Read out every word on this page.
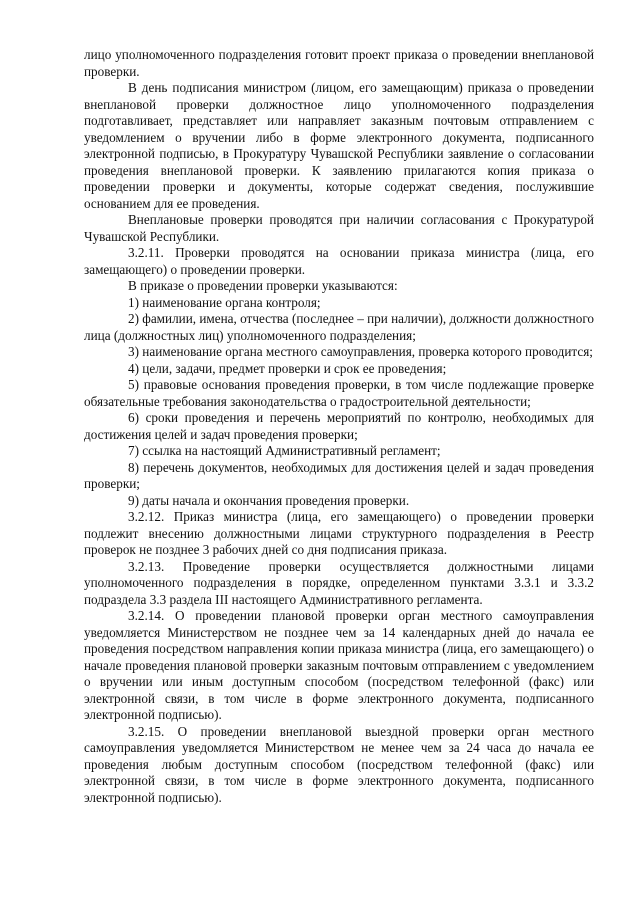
лицо уполномоченного подразделения готовит проект приказа о проведении внеплановой проверки.

В день подписания министром (лицом, его замещающим) приказа о проведении внеплановой проверки должностное лицо уполномоченного подразделения подготавливает, представляет или направляет заказным почтовым отправлением с уведомлением о вручении либо в форме электронного документа, подписанного электронной подписью, в Прокуратуру Чувашской Республики заявление о согласовании проведения внеплановой проверки. К заявлению прилагаются копия приказа о проведении проверки и документы, которые содержат сведения, послужившие основанием для ее проведения.

Внеплановые проверки проводятся при наличии согласования с Прокуратурой Чувашской Республики.

3.2.11. Проверки проводятся на основании приказа министра (лица, его замещающего) о проведении проверки.

В приказе о проведении проверки указываются:

1) наименование органа контроля;

2) фамилии, имена, отчества (последнее – при наличии), должности должностного лица (должностных лиц) уполномоченного подразделения;

3) наименование органа местного самоуправления, проверка которого проводится;

4) цели, задачи, предмет проверки и срок ее проведения;

5) правовые основания проведения проверки, в том числе подлежащие проверке обязательные требования законодательства о градостроительной деятельности;

6) сроки проведения и перечень мероприятий по контролю, необходимых для достижения целей и задач проведения проверки;

7) ссылка на настоящий Административный регламент;

8) перечень документов, необходимых для достижения целей и задач проведения проверки;

9) даты начала и окончания проведения проверки.

3.2.12. Приказ министра (лица, его замещающего) о проведении проверки подлежит внесению должностными лицами структурного подразделения в Реестр проверок не позднее 3 рабочих дней со дня подписания приказа.

3.2.13. Проведение проверки осуществляется должностными лицами уполномоченного подразделения в порядке, определенном пунктами 3.3.1 и 3.3.2 подраздела 3.3 раздела III настоящего Административного регламента.

3.2.14. О проведении плановой проверки орган местного самоуправления уведомляется Министерством не позднее чем за 14 календарных дней до начала ее проведения посредством направления копии приказа министра (лица, его замещающего) о начале проведения плановой проверки заказным почтовым отправлением с уведомлением о вручении или иным доступным способом (посредством телефонной (факс) или электронной связи, в том числе в форме электронного документа, подписанного электронной подписью).

3.2.15. О проведении внеплановой выездной проверки орган местного самоуправления уведомляется Министерством не менее чем за 24 часа до начала ее проведения любым доступным способом (посредством телефонной (факс) или электронной связи, в том числе в форме электронного документа, подписанного электронной подписью).
